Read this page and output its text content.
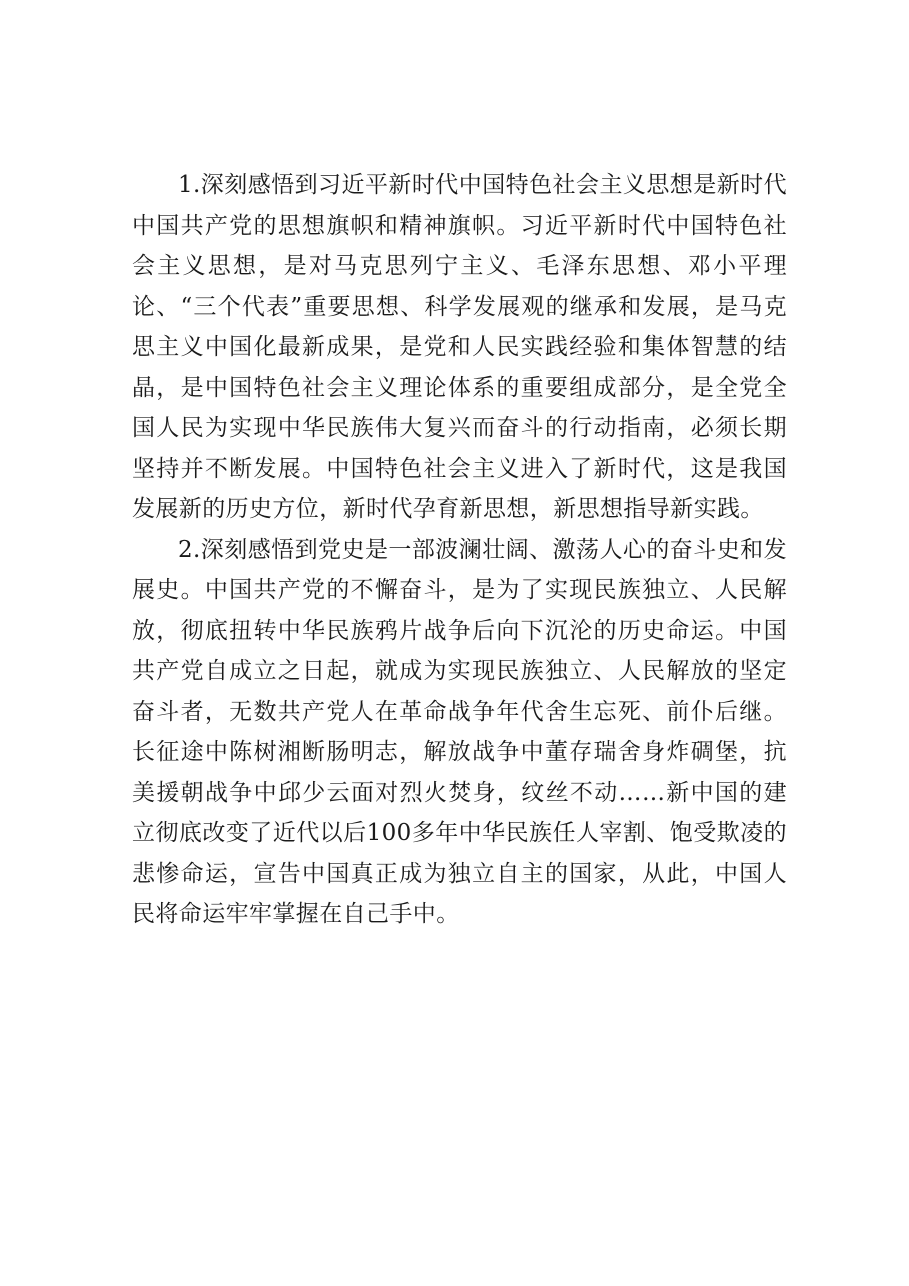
1.深刻感悟到习近平新时代中国特色社会主义思想是新时代中国共产党的思想旗帜和精神旗帜。习近平新时代中国特色社会主义思想，是对马克思列宁主义、毛泽东思想、邓小平理论、“三个代表”重要思想、科学发展观的继承和发展，是马克思主义中国化最新成果，是党和人民实践经验和集体智慧的结晶，是中国特色社会主义理论体系的重要组成部分，是全党全国人民为实现中华民族伟大复兴而奋斗的行动指南，必须长期坚持并不断发展。中国特色社会主义进入了新时代，这是我国发展新的历史方位，新时代孕育新思想，新思想指导新实践。

2.深刻感悟到党史是一部波澜壮阔、激荡人心的奋斗史和发展史。中国共产党的不懈奋斗，是为了实现民族独立、人民解放，彻底扭转中华民族鸦片战争后向下沉沦的历史命运。中国共产党自成立之日起，就成为实现民族独立、人民解放的坚定奋斗者，无数共产党人在革命战争年代舍生忘死、前仆后继。长征途中陈树湘断肠明志，解放战争中董存瑞舍身炸碉堡，抗美援朝战争中邱少云面对烈火焚身，纹丝不动……新中国的建立彻底改变了近代以后100多年中华民族任人宰割、饱受欺凌的悲惨命运，宣告中国真正成为独立自主的国家，从此，中国人民将命运牢牢掌握在自己手中。
